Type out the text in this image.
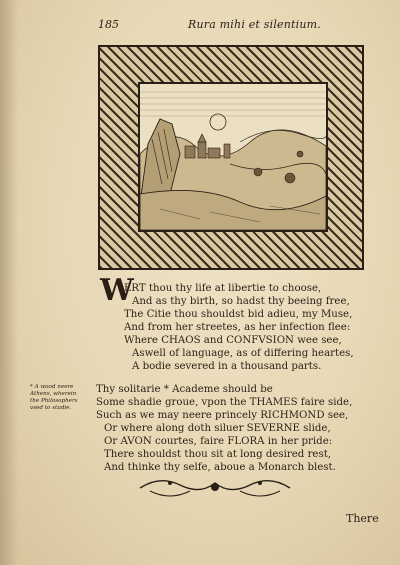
185	Rura mihi et silentium.
W
ERT thou thy life at libertie to choose,
And as thy birth, so hadst thy beeing free,
The Citie thou shouldst bid adieu, my Muse,
And from her streetes, as her infection flee:
Where CHAOS and CONFVSION wee see,
Aswell of language, as of differing heartes,
A bodie severed in a thousand parts.
Thy solitarie * Academe should be
Some shadie groue, vpon the THAMES faire side,
Such as we may neere princely RICHMOND see,
Or where along doth siluer SEVERNE slide,
Or AVON courtes, faire FLORA in her pride:
There shouldst thou sit at long desired rest,
And thinke thy selfe, aboue a Monarch blest.
* A wood neere
Athens, wherein
the Philosophers
vsed to studie.
There
